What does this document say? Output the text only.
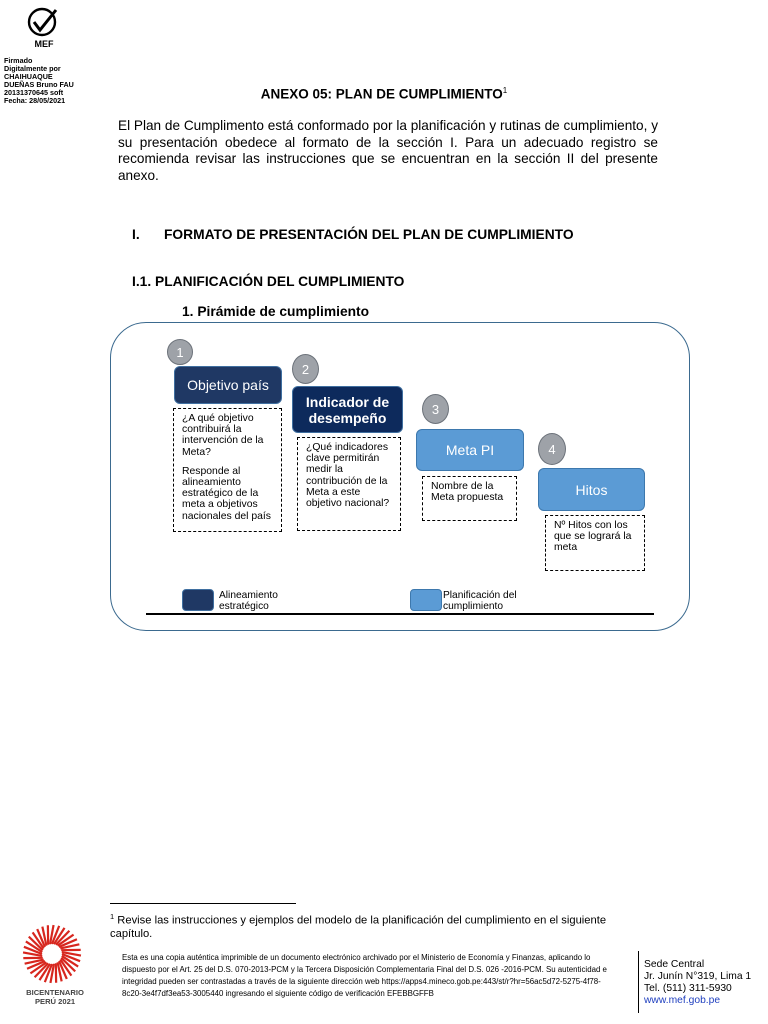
MEF
Firmado
Digitalmente por
CHAIHUAQUE
DUEÑAS Bruno FAU
20131370645 soft
Fecha: 28/05/2021	ANEXO 05: PLAN DE CUMPLIMIENTO$^1$
El Plan de Cumplimento está conformado por la planificación y rutinas de cumplimiento, y su presentación obedece al formato de la sección I. Para un adecuado registro se recomienda revisar las instrucciones que se encuentran en la sección II del presente anexo.
I. FORMATO DE PRESENTACIÓN DEL PLAN DE CUMPLIMIENTO
I.1. PLANIFICACIÓN DEL CUMPLIMIENTO
1. Pirámide de cumplimiento
1
Objetivo país

¿A qué objetivo contribuirá la intervención de la Meta?

Responde al alineamiento estratégico de la meta a objetivos nacionales del país

2
Indicador de desempeño

¿Qué indicadores clave permitirán medir la contribución de la Meta a este objetivo nacional?

3
Meta PI

Nombre de la Meta propuesta

4
Hitos

Nº Hitos con los que se logrará la meta

Alineamiento estratégico
Planificación del cumplimiento
$^1$ Revise las instrucciones y ejemplos del modelo de la planificación del cumplimiento en el siguiente capítulo.
BICENTENARIO
PERÚ 2021
Esta es una copia auténtica imprimible de un documento electrónico archivado por el Ministerio de Economía y Finanzas, aplicando lo dispuesto por el Art. 25 del D.S. 070-2013-PCM y la Tercera Disposición Complementaria Final del D.S. 026 -2016-PCM. Su autenticidad e integridad pueden ser contrastadas a través de la siguiente dirección web https://apps4.mineco.gob.pe:443/st/r?hr=56ac5d72-5275-4f78-8c20-3e4f7df3ea53-3005440 ingresando el siguiente código de verificación EFEBBGFFB
Sede Central
Jr. Junín N°319, Lima 1
Tel. (511) 311-5930
www.mef.gob.pe
